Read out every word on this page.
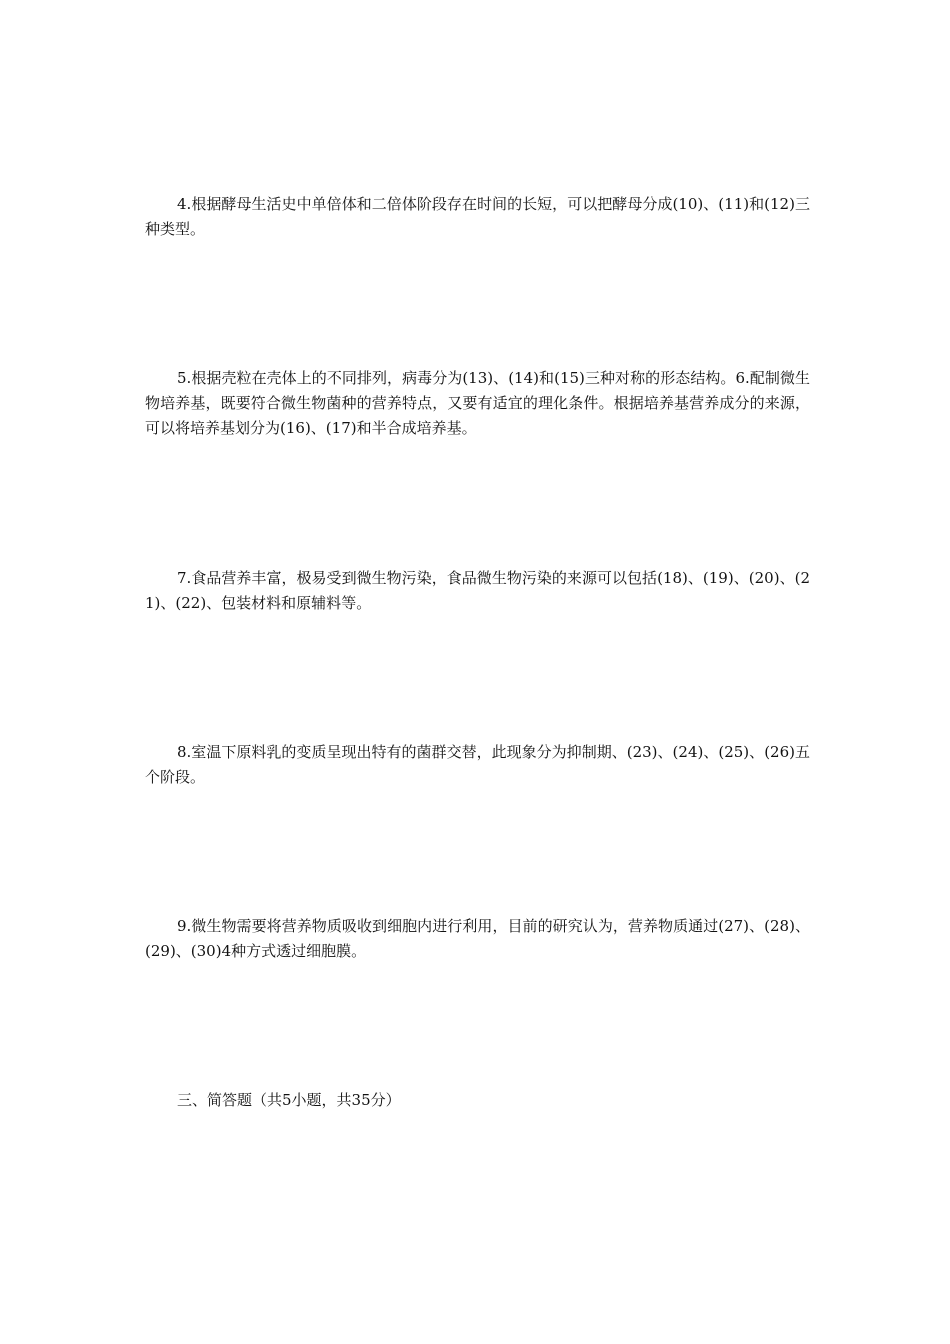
4.根据酵母生活史中单倍体和二倍体阶段存在时间的长短，可以把酵母分成(10)、(11)和(12)三种类型。

5.根据壳粒在壳体上的不同排列，病毒分为(13)、(14)和(15)三种对称的形态结构。6.配制微生物培养基，既要符合微生物菌种的营养特点，又要有适宜的理化条件。根据培养基营养成分的来源，可以将培养基划分为(16)、(17)和半合成培养基。

7.食品营养丰富，极易受到微生物污染，食品微生物污染的来源可以包括(18)、(19)、(20)、(21)、(22)、包装材料和原辅料等。

8.室温下原料乳的变质呈现出特有的菌群交替，此现象分为抑制期、(23)、(24)、(25)、(26)五个阶段。

9.微生物需要将营养物质吸收到细胞内进行利用，目前的研究认为，营养物质通过(27)、(28)、(29)、(30)4种方式透过细胞膜。

三、简答题（共5小题，共35分）
